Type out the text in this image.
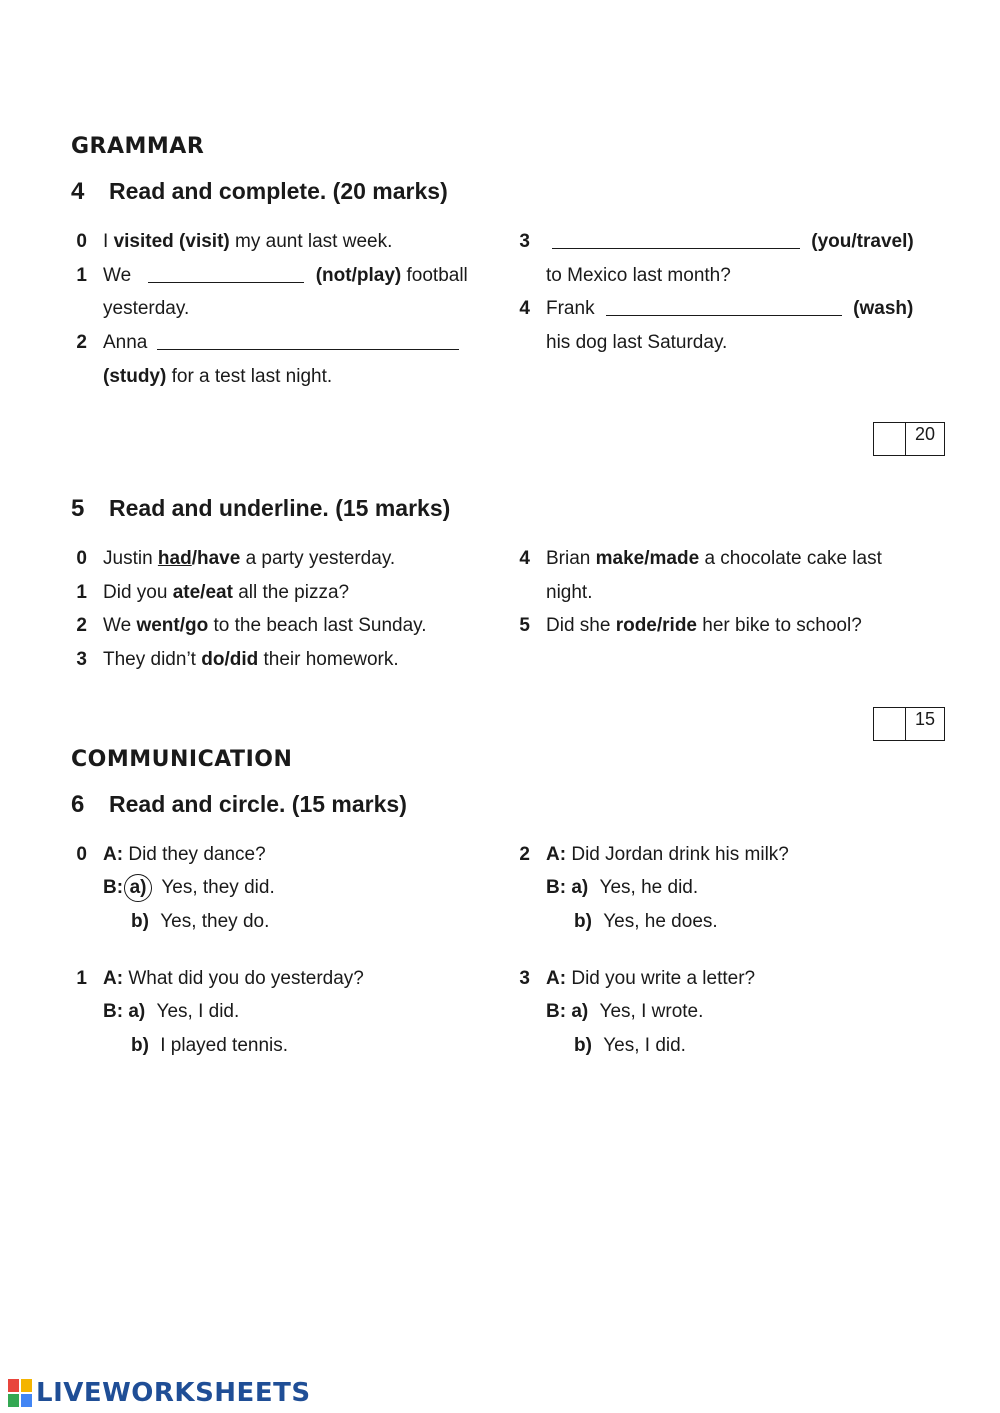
GRAMMAR
4 Read and complete. (20 marks)
0 I visited (visit) my aunt last week.
1 We	(not/play) football
yesterday.
2 Anna
(study) for a test last night.
3	(you/travel)
to Mexico last month?
4 Frank	(wash)
his dog last Saturday.
20
5 Read and underline. (15 marks)
0 Justin had/have a party yesterday.
1 Did you ate/eat all the pizza?
2 We went/go to the beach last Sunday.
3 They didn’t do/did their homework.
4 Brian make/made a chocolate cake last
night.
5 Did she rode/ride her bike to school?
15
COMMUNICATION
6 Read and circle. (15 marks)
0 A: Did they dance?
B: a) Yes, they did.
b) Yes, they do.
1 A: What did you do yesterday?
B: a) Yes, I did.
b) I played tennis.
2 A: Did Jordan drink his milk?
B: a) Yes, he did.
b) Yes, he does.
3 A: Did you write a letter?
B: a) Yes, I wrote.
b) Yes, I did.
LIVEWORKSHEETS
